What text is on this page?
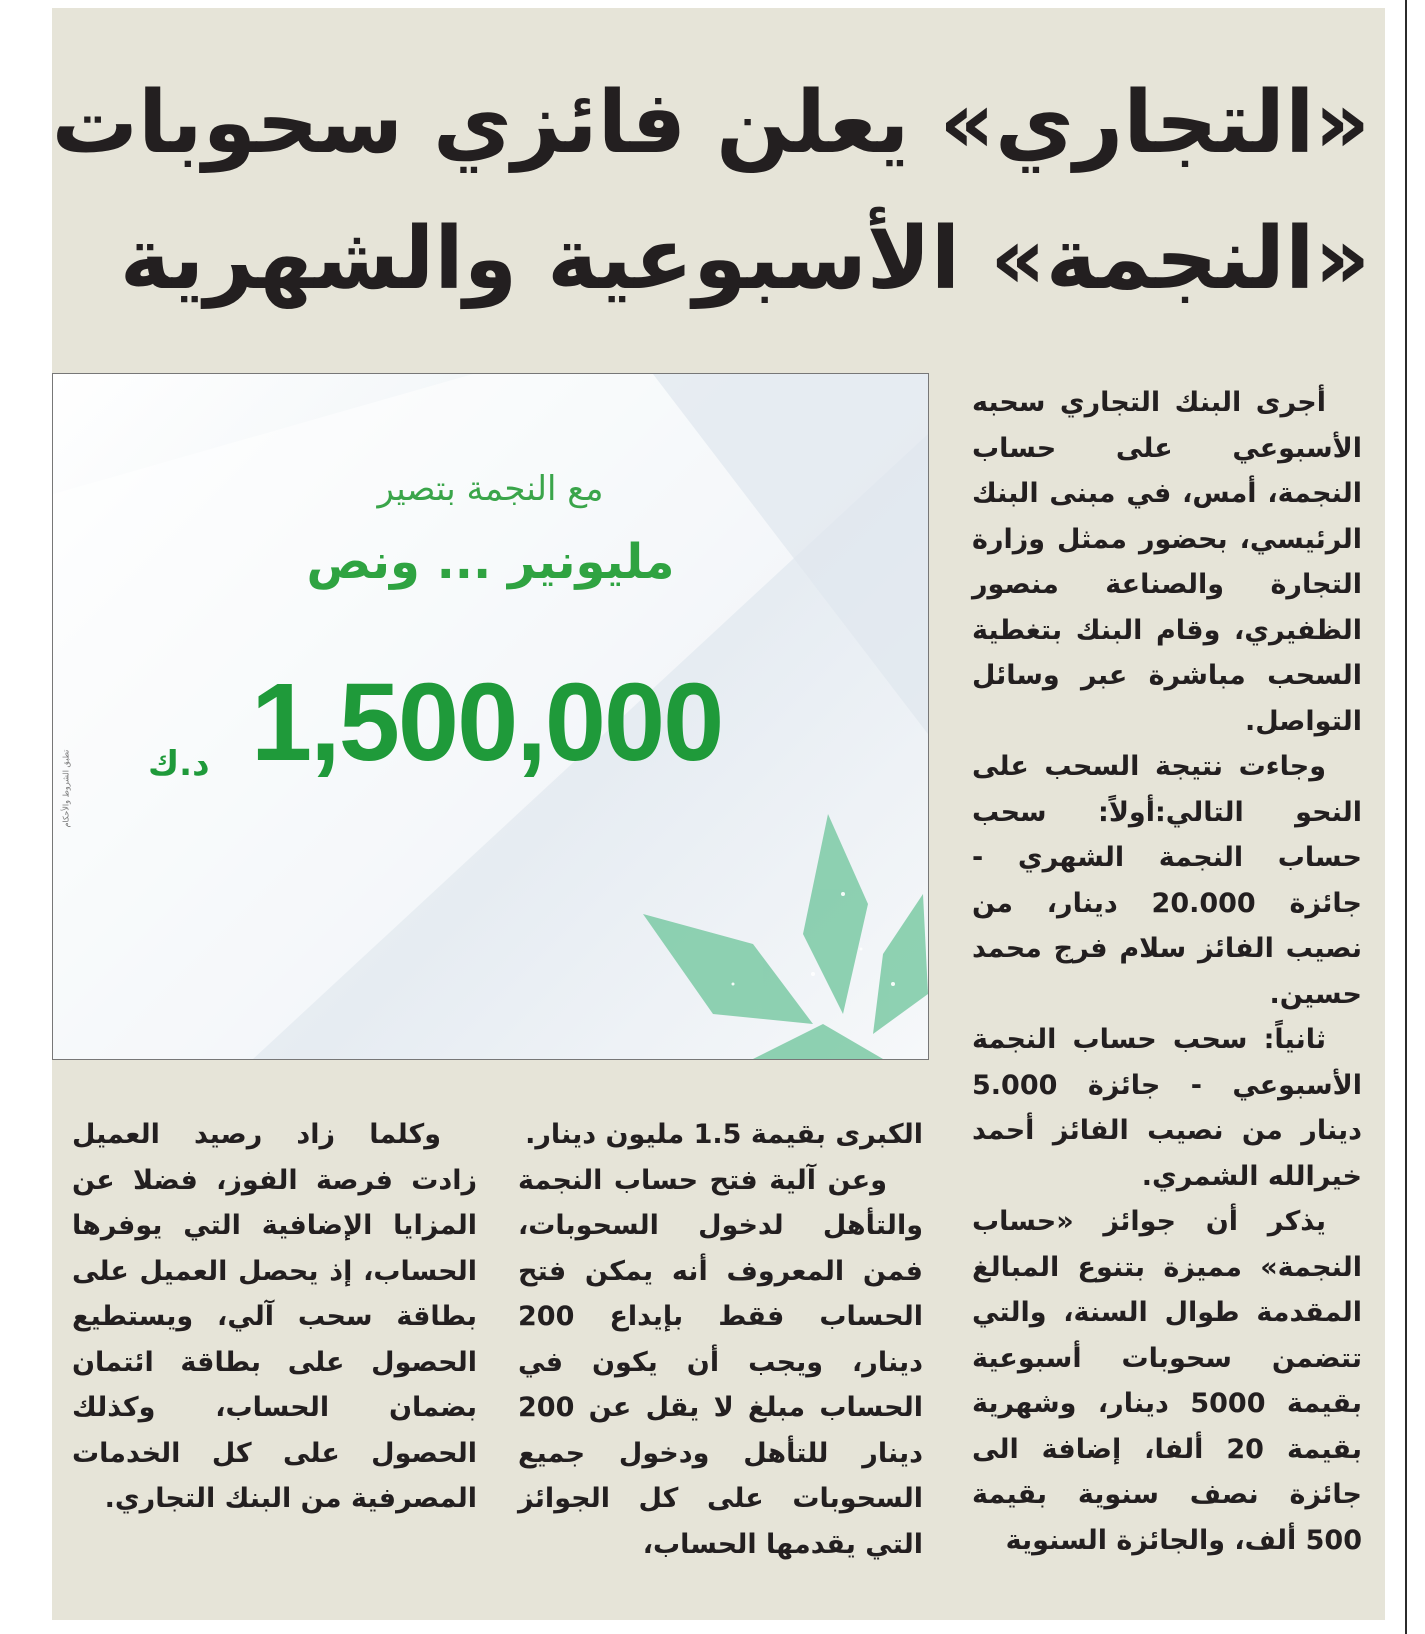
«التجاري» يعلن فائزي سحوبات
«النجمة» الأسبوعية والشهرية
مع النجمة بتصير
مليونير ... ونص
1,500,000
د.ك
تطبق الشروط والأحكام

أجرى البنك التجاري سحبه الأسبوعي على حساب النجمة، أمس، في مبنى البنك الرئيسي، بحضور ممثل وزارة التجارة والصناعة منصور الظفيري، وقام البنك بتغطية السحب مباشرة عبر وسائل التواصل.

وجاءت نتيجة السحب على النحو التالي:أولاً: سحب حساب النجمة الشهري - جائزة 20.000 دينار، من نصيب الفائز سلام فرج محمد حسين.

ثانياً: سحب حساب النجمة الأسبوعي - جائزة 5.000 دينار من نصيب الفائز أحمد خيرالله الشمري.

يذكر أن جوائز «حساب النجمة» مميزة بتنوع المبالغ المقدمة طوال السنة، والتي تتضمن سحوبات أسبوعية بقيمة 5000 دينار، وشهرية بقيمة 20 ألفا، إضافة الى جائزة نصف سنوية بقيمة 500 ألف، والجائزة السنوية

الكبرى بقيمة 1.5 مليون دينار.

وعن آلية فتح حساب النجمة والتأهل لدخول السحوبات، فمن المعروف أنه يمكن فتح الحساب فقط بإيداع 200 دينار، ويجب أن يكون في الحساب مبلغ لا يقل عن 200 دينار للتأهل ودخول جميع السحوبات على كل الجوائز التي يقدمها الحساب،

وكلما زاد رصيد العميل زادت فرصة الفوز، فضلا عن المزايا الإضافية التي يوفرها الحساب، إذ يحصل العميل على بطاقة سحب آلي، ويستطيع الحصول على بطاقة ائتمان بضمان الحساب، وكذلك الحصول على كل الخدمات المصرفية من البنك التجاري.
